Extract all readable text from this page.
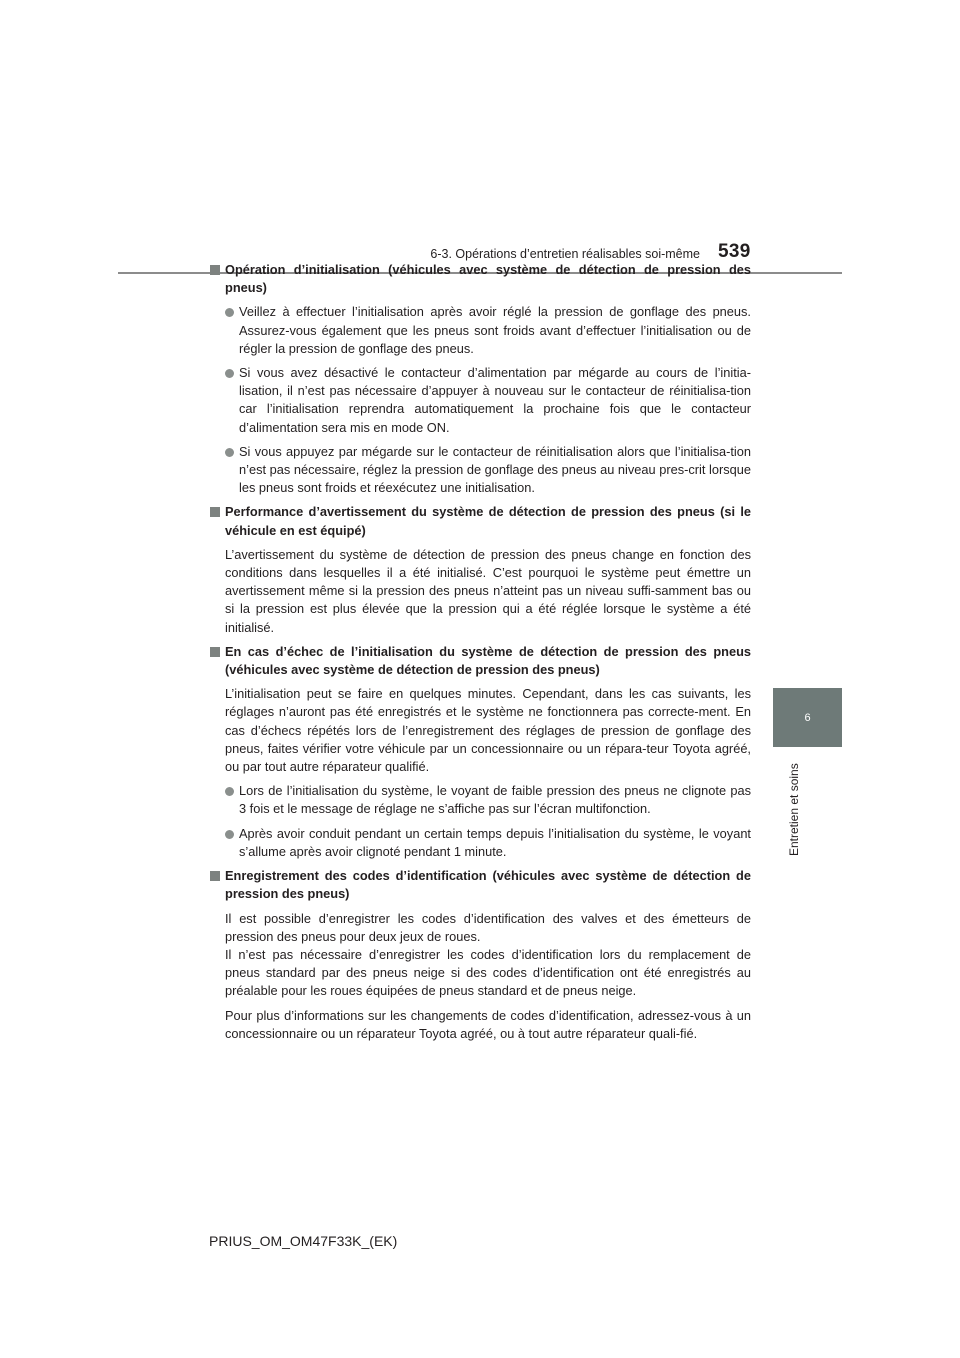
6-3. Opérations d’entretien réalisables soi-même 539
6
Entretien et soins
Opération d’initialisation (véhicules avec système de détection de pression des pneus)
Veillez à effectuer l’initialisation après avoir réglé la pression de gonflage des pneus. Assurez-vous également que les pneus sont froids avant d’effectuer l’initialisation ou de régler la pression de gonflage des pneus.
Si vous avez désactivé le contacteur d’alimentation par mégarde au cours de l’initia-lisation, il n’est pas nécessaire d’appuyer à nouveau sur le contacteur de réinitialisa-tion car l’initialisation reprendra automatiquement la prochaine fois que le contacteur d’alimentation sera mis en mode ON.
Si vous appuyez par mégarde sur le contacteur de réinitialisation alors que l’initialisa-tion n’est pas nécessaire, réglez la pression de gonflage des pneus au niveau pres-crit lorsque les pneus sont froids et réexécutez une initialisation.
Performance d’avertissement du système de détection de pression des pneus (si le véhicule en est équipé)
L’avertissement du système de détection de pression des pneus change en fonction des conditions dans lesquelles il a été initialisé. C’est pourquoi le système peut émettre un avertissement même si la pression des pneus n’atteint pas un niveau suffi-samment bas ou si la pression est plus élevée que la pression qui a été réglée lorsque le système a été initialisé.
En cas d’échec de l’initialisation du système de détection de pression des pneus (véhicules avec système de détection de pression des pneus)
L’initialisation peut se faire en quelques minutes. Cependant, dans les cas suivants, les réglages n’auront pas été enregistrés et le système ne fonctionnera pas correcte-ment. En cas d’échecs répétés lors de l’enregistrement des réglages de pression de gonflage des pneus, faites vérifier votre véhicule par un concessionnaire ou un répara-teur Toyota agréé, ou par tout autre réparateur qualifié.
Lors de l’initialisation du système, le voyant de faible pression des pneus ne clignote pas 3 fois et le message de réglage ne s’affiche pas sur l’écran multifonction.
Après avoir conduit pendant un certain temps depuis l’initialisation du système, le voyant s’allume après avoir clignoté pendant 1 minute.
Enregistrement des codes d’identification (véhicules avec système de détection de pression des pneus)
Il est possible d’enregistrer les codes d’identification des valves et des émetteurs de pression des pneus pour deux jeux de roues.
Il n’est pas nécessaire d’enregistrer les codes d’identification lors du remplacement de pneus standard par des pneus neige si des codes d’identification ont été enregistrés au préalable pour les roues équipées de pneus standard et de pneus neige.
Pour plus d’informations sur les changements de codes d’identification, adressez-vous à un concessionnaire ou un réparateur Toyota agréé, ou à tout autre réparateur quali-fié.
PRIUS_OM_OM47F33K_(EK)
